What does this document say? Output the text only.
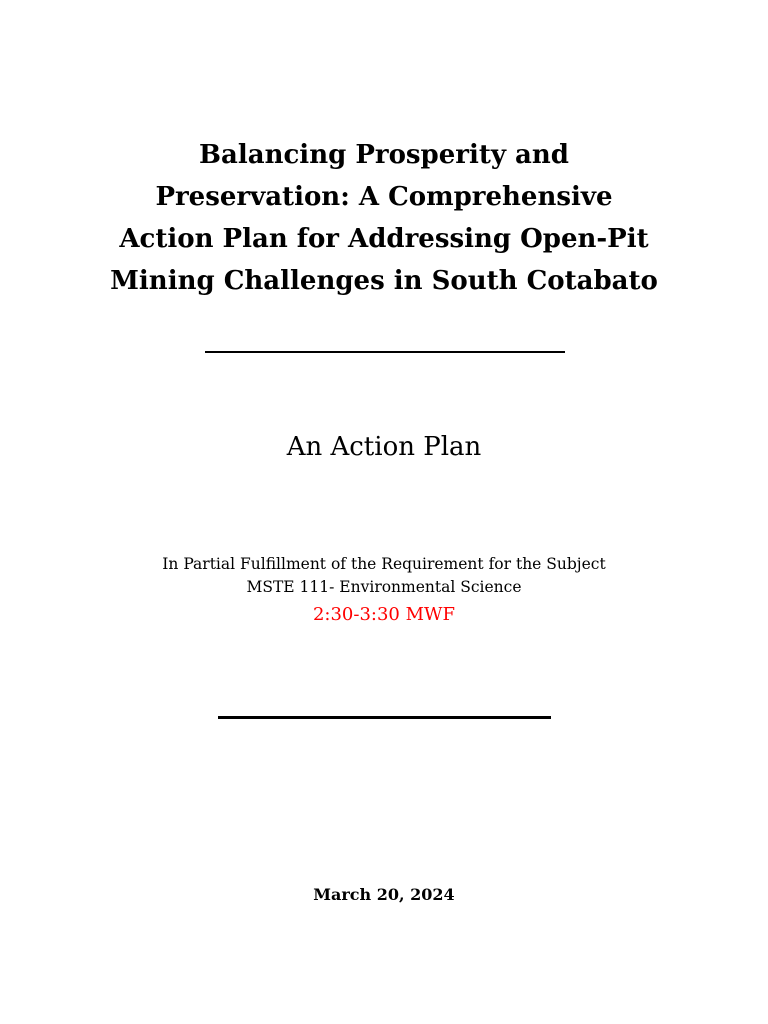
Balancing Prosperity and
Preservation: A Comprehensive
Action Plan for Addressing Open-Pit
Mining Challenges in South Cotabato

An Action Plan

In Partial Fulfillment of the Requirement for the Subject
MSTE 111- Environmental Science
2:30-3:30 MWF
March 20, 2024
